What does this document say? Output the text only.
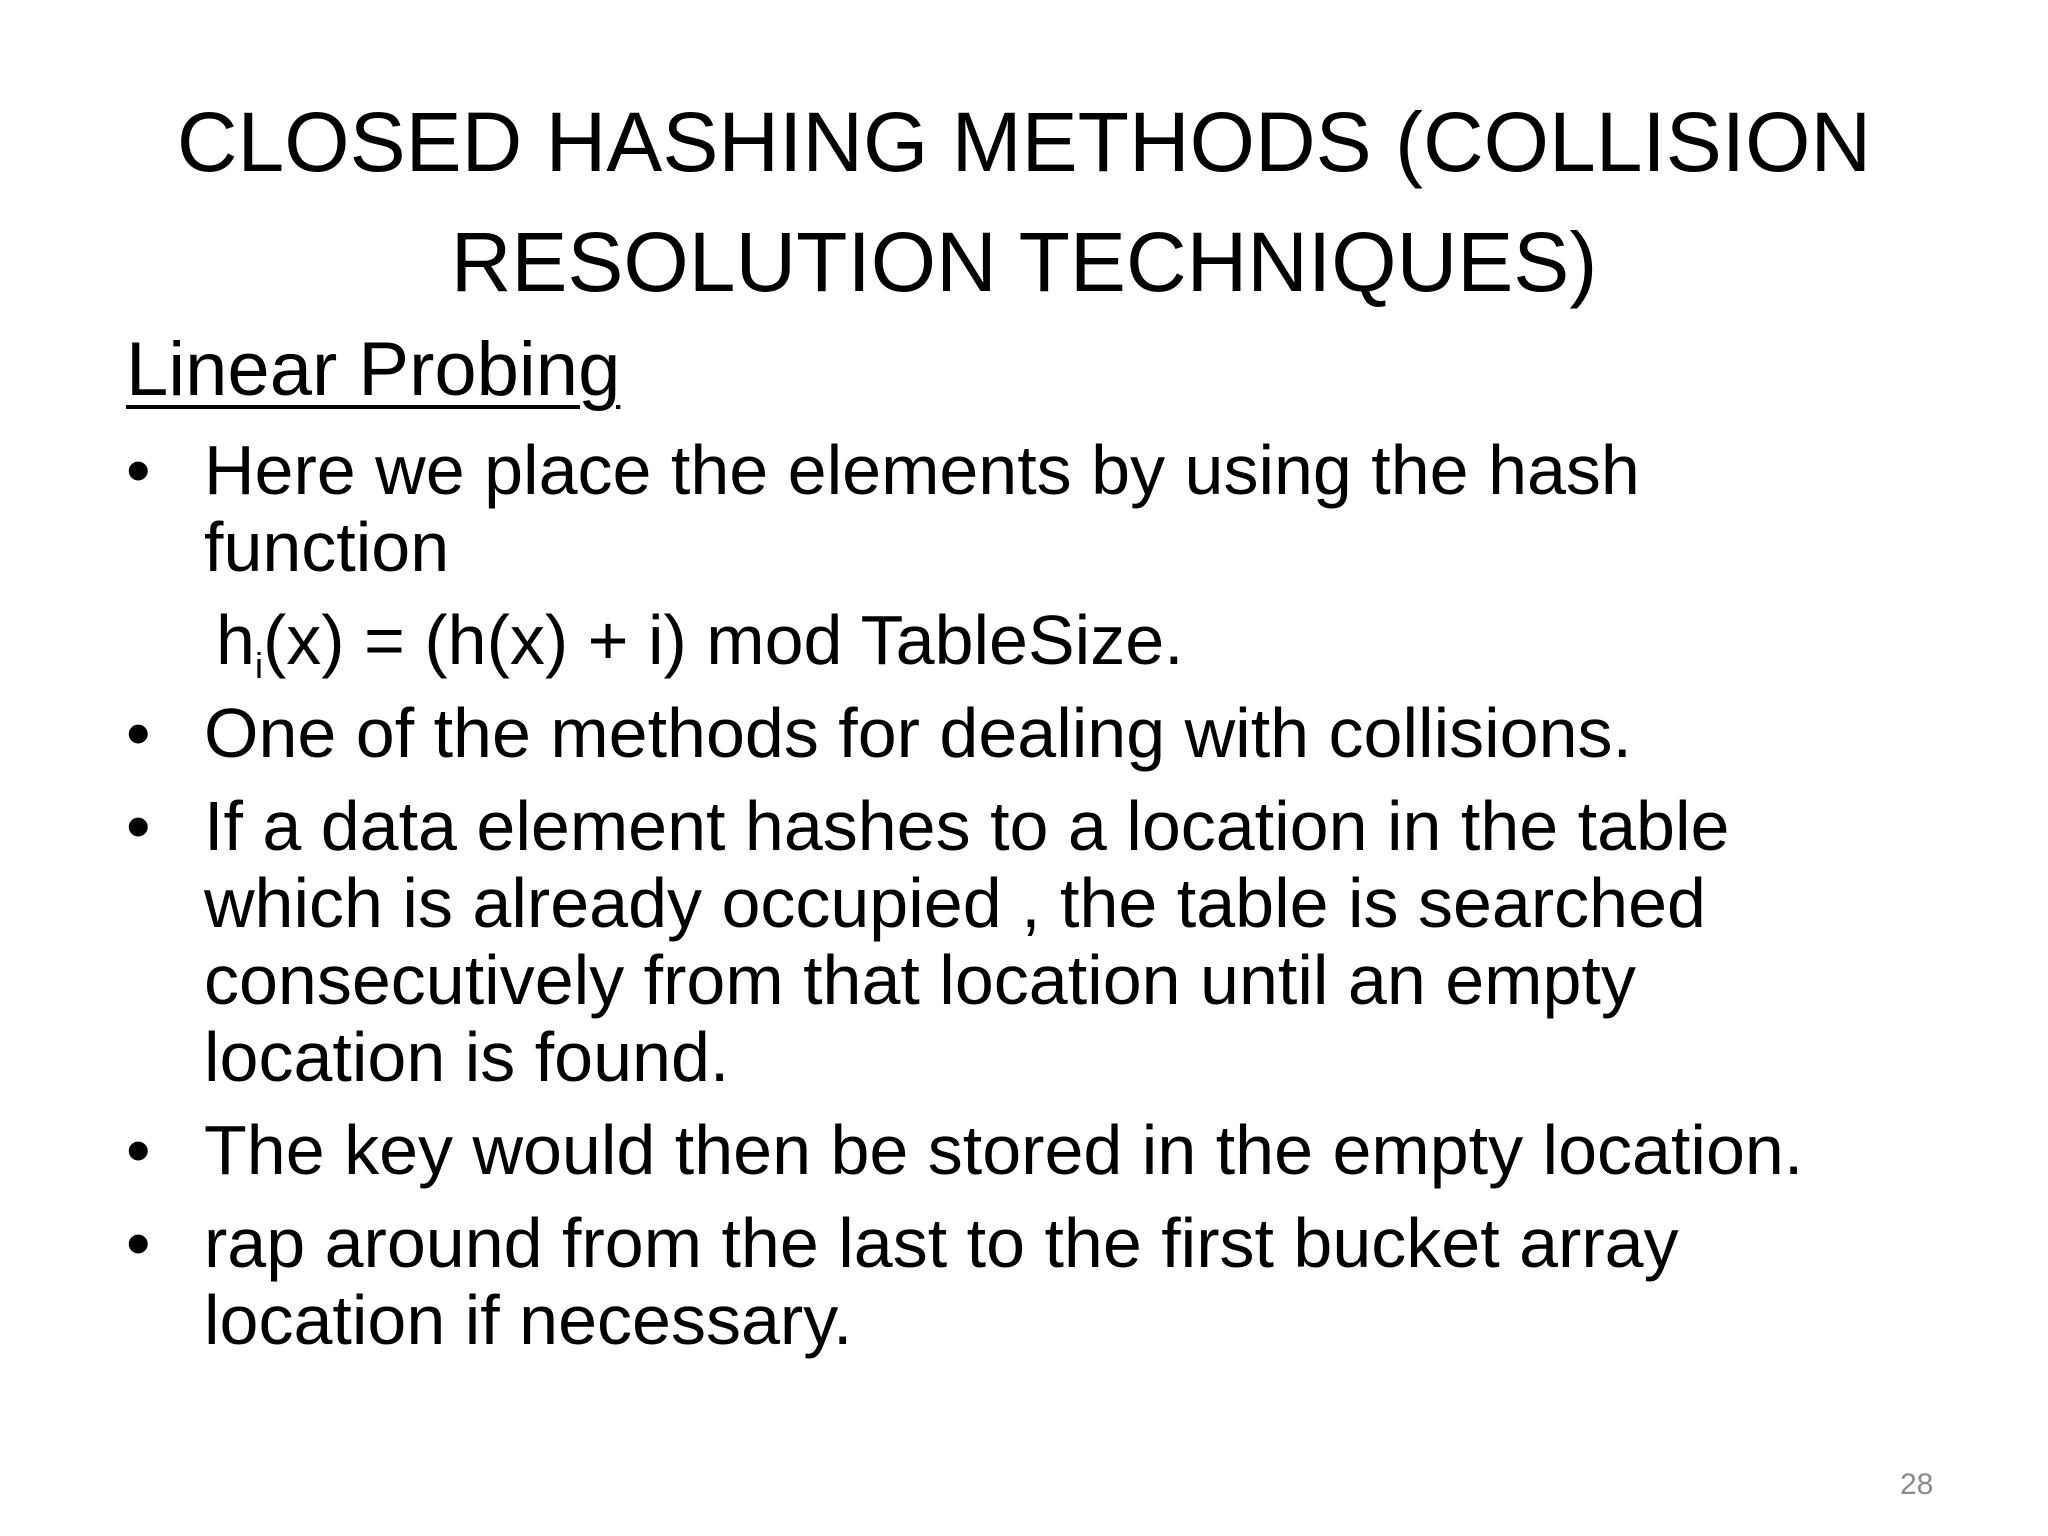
CLOSED HASHING METHODS (COLLISION
RESOLUTION TECHNIQUES)
Linear Probing
• Here we place the elements by using the hash function
$h_i(x) = (h(x) + i)$ mod TableSize.
• One of the methods for dealing with collisions.
• If a data element hashes to a location in the table which is already occupied , the table is searched consecutively from that location until an empty location is found.
• The key would then be stored in the empty location.
• rap around from the last to the first bucket array location if necessary.
28
